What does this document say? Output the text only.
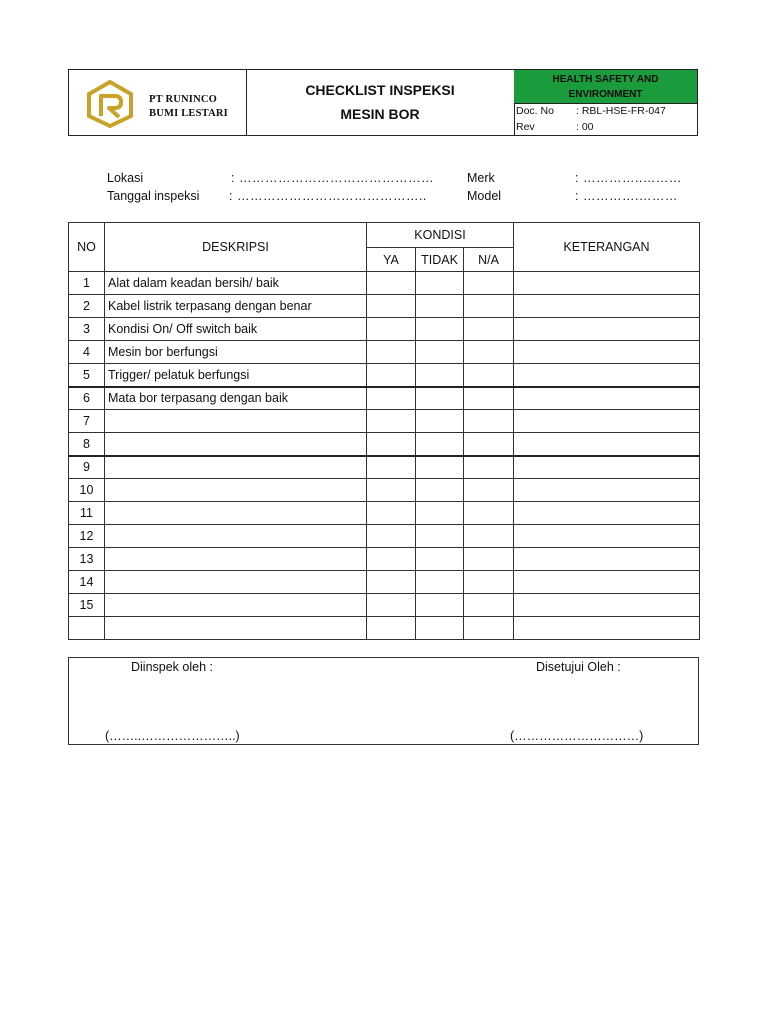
PT RUNINCO
BUMI LESTARI
CHECKLIST INSPEKSI
MESIN BOR
HEALTH SAFETY AND
ENVIRONMENT
Doc. No : RBL-HSE-FR-047
Rev	: 00
Lokasi	: ………………………………………
Tanggal inspeksi : ……………………………………..
Merk	: …………..………
Model	: ………….………
NO	DESKRIPSI	KONDISI			KETERANGAN
		YA	TIDAK	N/A	
1	Alat dalam keadan bersih/ baik				
2	Kabel listrik terpasang dengan benar				
3	Kondisi On/ Off switch baik				
4	Mesin bor berfungsi				
5	Trigger/ pelatuk berfungsi				
6	Mata bor terpasang dengan baik				
7					
8					
9					
10					
11					
12					
13					
14					
15					

Diinspek oleh :	Disetujui Oleh :
(……..…………………..)	(…………………………)
